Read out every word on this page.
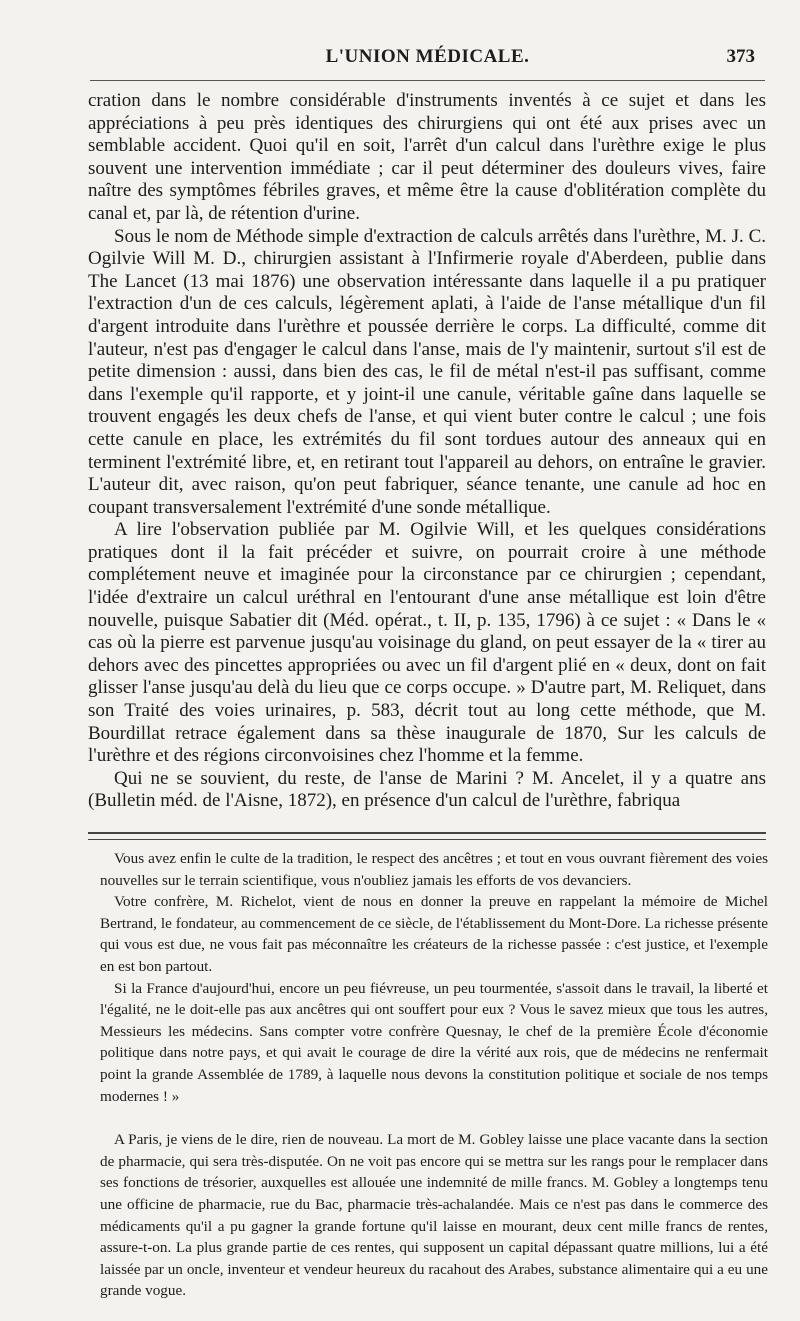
L'UNION MÉDICALE.	373

cration dans le nombre considérable d'instruments inventés à ce sujet et dans les appréciations à peu près identiques des chirurgiens qui ont été aux prises avec un semblable accident. Quoi qu'il en soit, l'arrêt d'un calcul dans l'urèthre exige le plus souvent une intervention immédiate ; car il peut déterminer des douleurs vives, faire naître des symptômes fébriles graves, et même être la cause d'oblitération complète du canal et, par là, de rétention d'urine.

Sous le nom de Méthode simple d'extraction de calculs arrêtés dans l'urèthre, M. J. C. Ogilvie Will M. D., chirurgien assistant à l'Infirmerie royale d'Aberdeen, publie dans The Lancet (13 mai 1876) une observation intéressante dans laquelle il a pu pratiquer l'extraction d'un de ces calculs, légèrement aplati, à l'aide de l'anse métallique d'un fil d'argent introduite dans l'urèthre et poussée derrière le corps. La difficulté, comme dit l'auteur, n'est pas d'engager le calcul dans l'anse, mais de l'y maintenir, surtout s'il est de petite dimension : aussi, dans bien des cas, le fil de métal n'est-il pas suffisant, comme dans l'exemple qu'il rapporte, et y joint-il une canule, véritable gaîne dans laquelle se trouvent engagés les deux chefs de l'anse, et qui vient buter contre le calcul ; une fois cette canule en place, les extrémités du fil sont tordues autour des anneaux qui en terminent l'extrémité libre, et, en retirant tout l'appareil au dehors, on entraîne le gravier. L'auteur dit, avec raison, qu'on peut fabriquer, séance tenante, une canule ad hoc en coupant transversalement l'extrémité d'une sonde métallique.

A lire l'observation publiée par M. Ogilvie Will, et les quelques considérations pratiques dont il la fait précéder et suivre, on pourrait croire à une méthode complétement neuve et imaginée pour la circonstance par ce chirurgien ; cependant, l'idée d'extraire un calcul uréthral en l'entourant d'une anse métallique est loin d'être nouvelle, puisque Sabatier dit (Méd. opérat., t. II, p. 135, 1796) à ce sujet : « Dans le « cas où la pierre est parvenue jusqu'au voisinage du gland, on peut essayer de la « tirer au dehors avec des pincettes appropriées ou avec un fil d'argent plié en « deux, dont on fait glisser l'anse jusqu'au delà du lieu que ce corps occupe. » D'autre part, M. Reliquet, dans son Traité des voies urinaires, p. 583, décrit tout au long cette méthode, que M. Bourdillat retrace également dans sa thèse inaugurale de 1870, Sur les calculs de l'urèthre et des régions circonvoisines chez l'homme et la femme.

Qui ne se souvient, du reste, de l'anse de Marini ? M. Ancelet, il y a quatre ans (Bulletin méd. de l'Aisne, 1872), en présence d'un calcul de l'urèthre, fabriqua

Vous avez enfin le culte de la tradition, le respect des ancêtres ; et tout en vous ouvrant fièrement des voies nouvelles sur le terrain scientifique, vous n'oubliez jamais les efforts de vos devanciers.

Votre confrère, M. Richelot, vient de nous en donner la preuve en rappelant la mémoire de Michel Bertrand, le fondateur, au commencement de ce siècle, de l'établissement du Mont-Dore. La richesse présente qui vous est due, ne vous fait pas méconnaître les créateurs de la richesse passée : c'est justice, et l'exemple en est bon partout.

Si la France d'aujourd'hui, encore un peu fiévreuse, un peu tourmentée, s'assoit dans le travail, la liberté et l'égalité, ne le doit-elle pas aux ancêtres qui ont souffert pour eux ? Vous le savez mieux que tous les autres, Messieurs les médecins. Sans compter votre confrère Quesnay, le chef de la première École d'économie politique dans notre pays, et qui avait le courage de dire la vérité aux rois, que de médecins ne renfermait point la grande Assemblée de 1789, à laquelle nous devons la constitution politique et sociale de nos temps modernes ! »

A Paris, je viens de le dire, rien de nouveau. La mort de M. Gobley laisse une place vacante dans la section de pharmacie, qui sera très-disputée. On ne voit pas encore qui se mettra sur les rangs pour le remplacer dans ses fonctions de trésorier, auxquelles est allouée une indemnité de mille francs. M. Gobley a longtemps tenu une officine de pharmacie, rue du Bac, pharmacie très-achalandée. Mais ce n'est pas dans le commerce des médicaments qu'il a pu gagner la grande fortune qu'il laisse en mourant, deux cent mille francs de rentes, assure-t-on. La plus grande partie de ces rentes, qui supposent un capital dépassant quatre millions, lui a été laissée par un oncle, inventeur et vendeur heureux du racahout des Arabes, substance alimentaire qui a eu une grande vogue.
